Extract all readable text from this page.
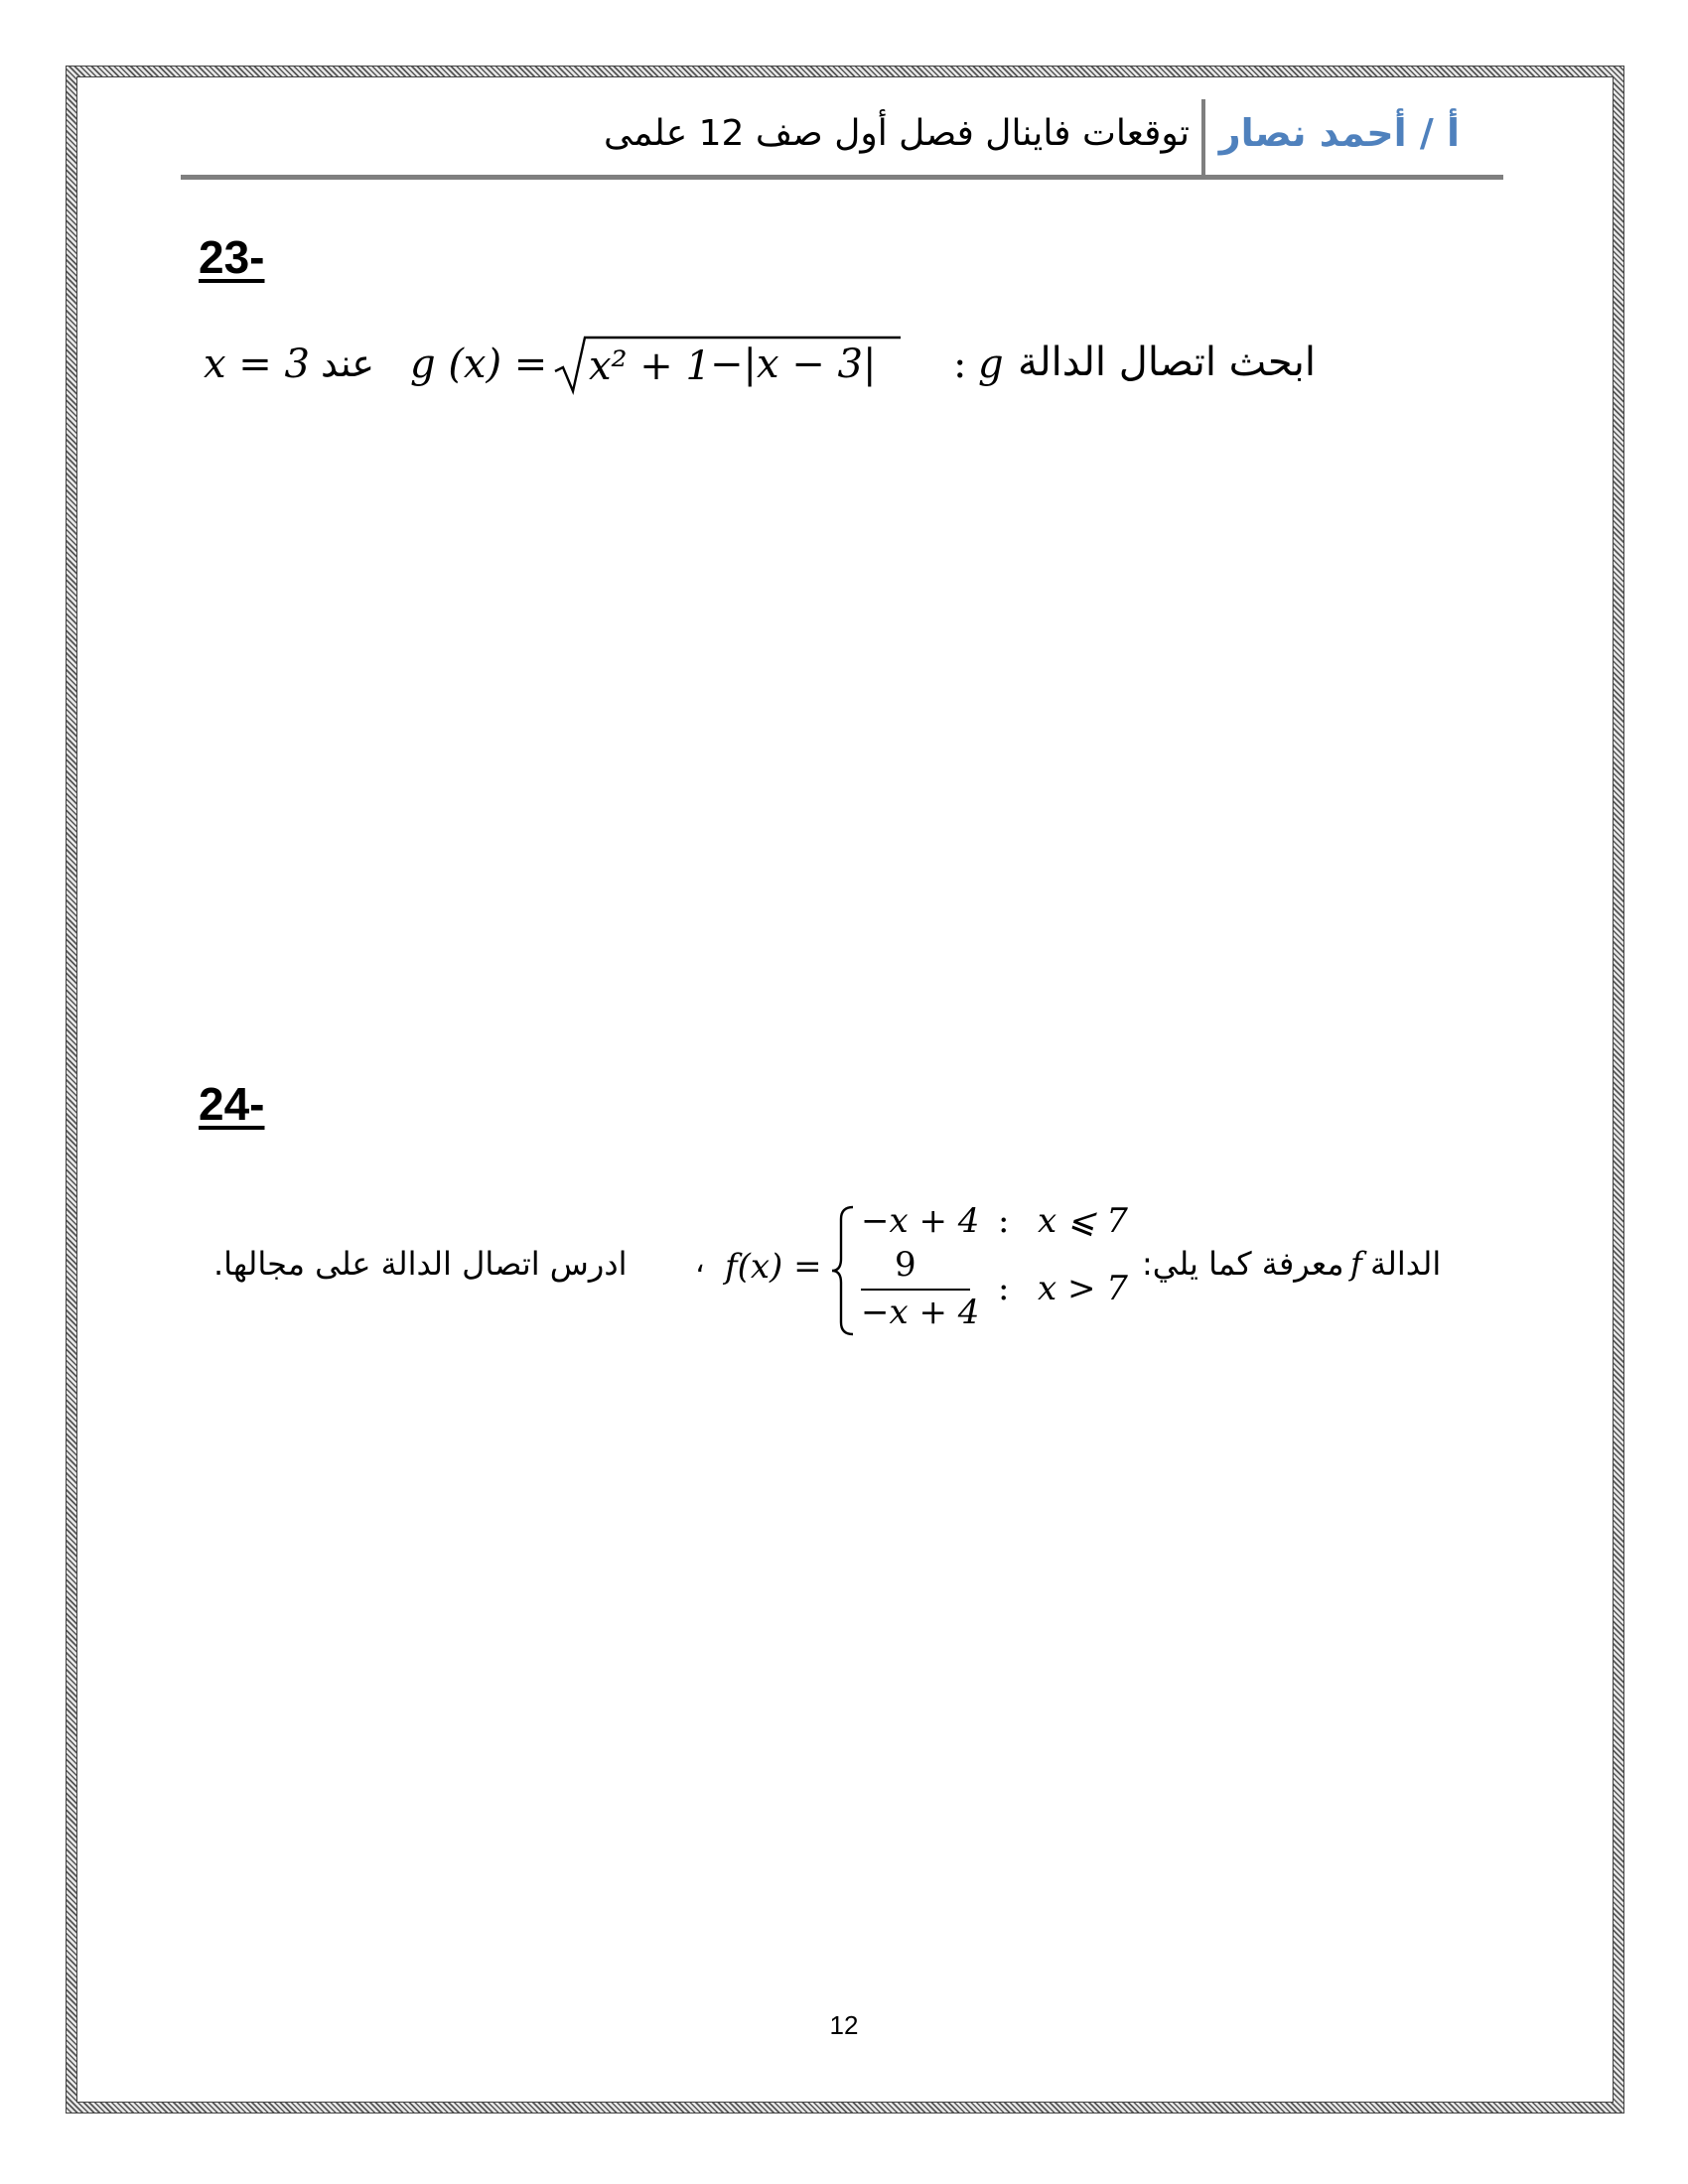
أ / أحمد نصار
توقعات فاينال فصل أول صف 12 علمى
23-
x = 3 عند g (x) = x² + 1 −|x − 3| : g ابحث اتصال الدالة
24-
ادرس اتصال الدالة على مجالها. ، f(x) =
−x + 4 : x ⩽ 7
9
−x + 4
: x > 7
معرفة كما يلي: f الدالة
12
